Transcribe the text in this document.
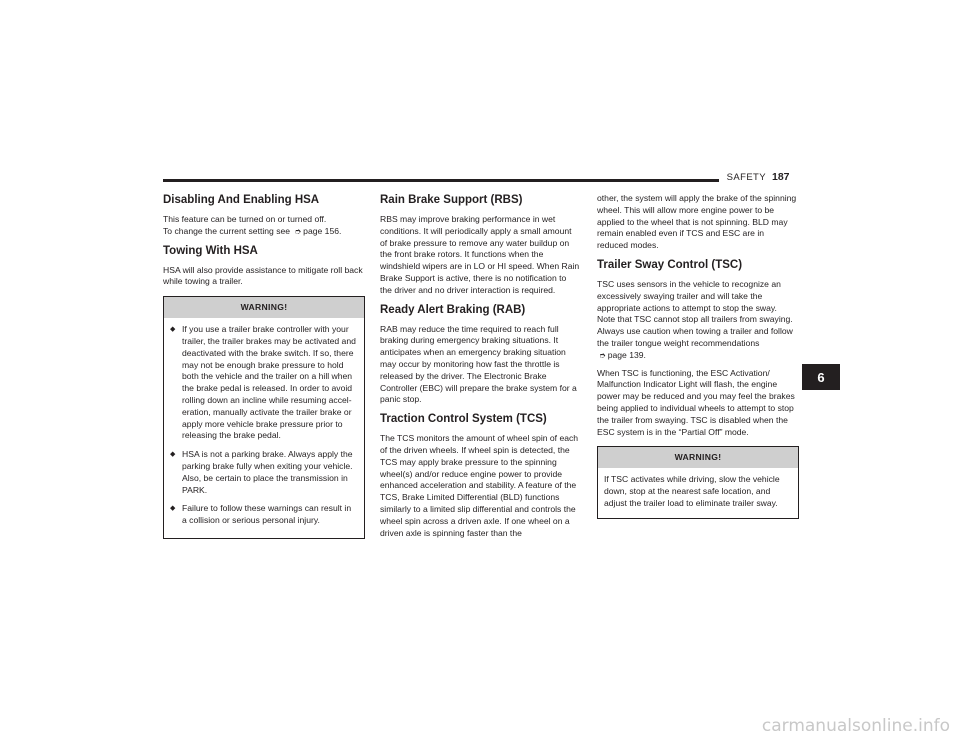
SAFETY 187
Disabling And Enabling HSA

This feature can be turned on or turned off.
To change the current setting see ➮ page 156.

Towing With HSA

HSA will also provide assistance to mitigate roll back while towing a trailer.

WARNING!
◆ If you use a trailer brake controller with your trailer, the trailer brakes may be activated and deactivated with the brake switch. If so, there may not be enough brake pressure to hold both the vehicle and the trailer on a hill when the brake pedal is released. In order to avoid rolling down an incline while resuming accel-eration, manually activate the trailer brake or apply more vehicle brake pressure prior to releasing the brake pedal.
◆ HSA is not a parking brake. Always apply the parking brake fully when exiting your vehicle. Also, be certain to place the transmission in PARK.
◆ Failure to follow these warnings can result in a collision or serious personal injury.
Rain Brake Support (RBS)

RBS may improve braking performance in wet conditions. It will periodically apply a small amount of brake pressure to remove any water buildup on the front brake rotors. It functions when the windshield wipers are in LO or HI speed. When Rain Brake Support is active, there is no notification to the driver and no driver interaction is required.

Ready Alert Braking (RAB)

RAB may reduce the time required to reach full braking during emergency braking situations. It anticipates when an emergency braking situation may occur by monitoring how fast the throttle is released by the driver. The Electronic Brake Controller (EBC) will prepare the brake system for a panic stop.

Traction Control System (TCS)

The TCS monitors the amount of wheel spin of each of the driven wheels. If wheel spin is detected, the TCS may apply brake pressure to the spinning wheel(s) and/or reduce engine power to provide enhanced acceleration and stability. A feature of the TCS, Brake Limited Differential (BLD) functions similarly to a limited slip differential and controls the wheel spin across a driven axle. If one wheel on a driven axle is spinning faster than the

other, the system will apply the brake of the spinning wheel. This will allow more engine power to be applied to the wheel that is not spinning. BLD may remain enabled even if TCS and ESC are in reduced modes.

Trailer Sway Control (TSC)

TSC uses sensors in the vehicle to recognize an excessively swaying trailer and will take the appropriate actions to attempt to stop the sway. Note that TSC cannot stop all trailers from swaying. Always use caution when towing a trailer and follow the trailer tongue weight recommendations
➮ page 139.

When TSC is functioning, the ESC Activation/ Malfunction Indicator Light will flash, the engine power may be reduced and you may feel the brakes being applied to individual wheels to attempt to stop the trailer from swaying. TSC is disabled when the ESC system is in the “Partial Off” mode.

WARNING!

If TSC activates while driving, slow the vehicle down, stop at the nearest safe location, and adjust the trailer load to eliminate trailer sway.

6
carmanualsonline.info
